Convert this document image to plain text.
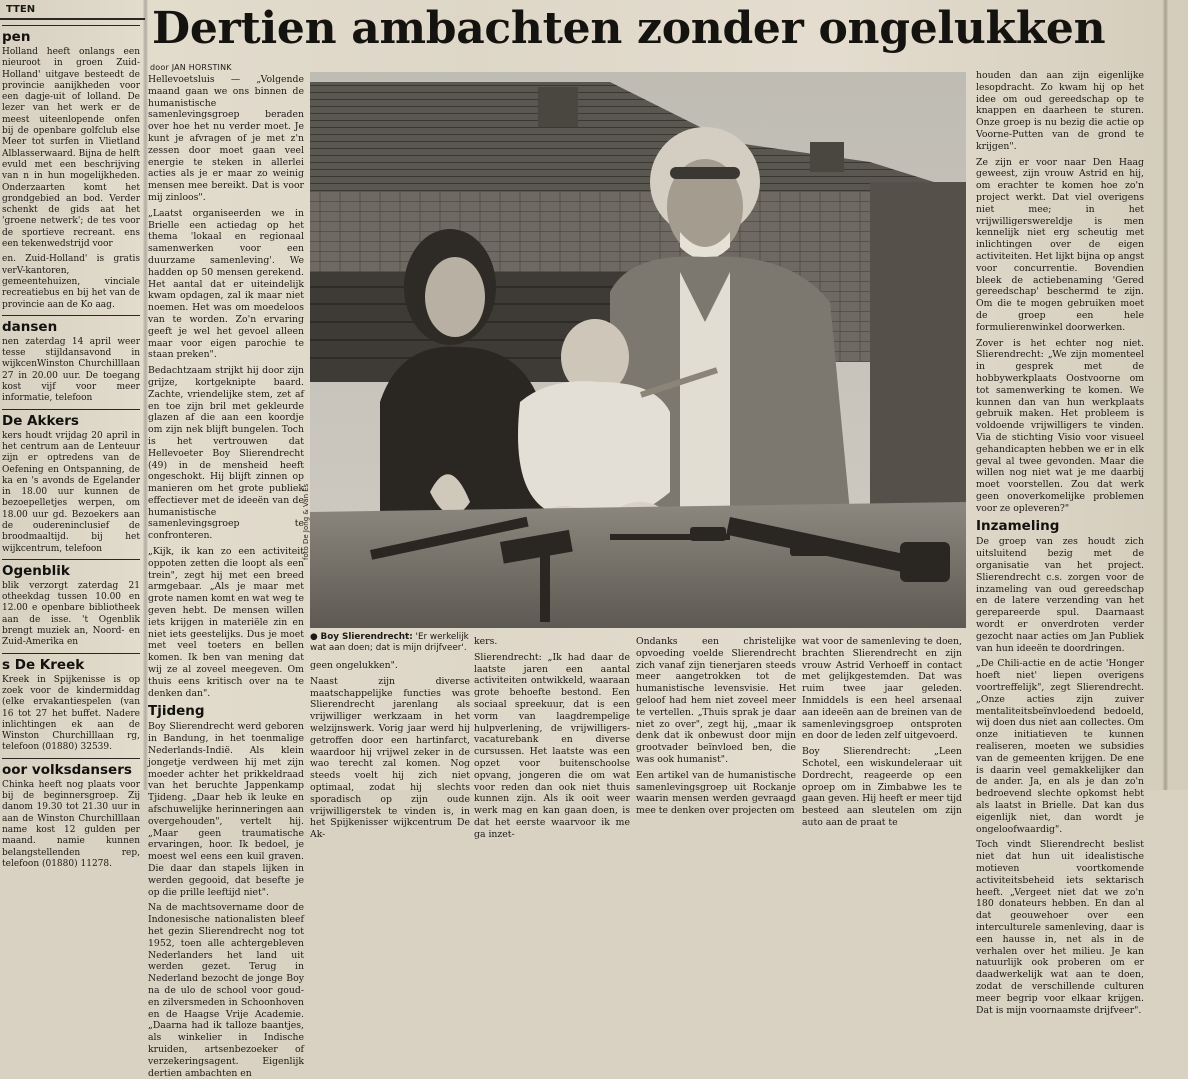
TTEN
pen

Holland heeft onlangs een nieuroot in groen Zuid-Holland' uitgave besteedt de provincie aanijkheden voor een dagje-uit of lolland. De lezer van het werk er de meest uiteenlopende onfen bij de openbare golfclub else Meer tot surfen in Vlietland Alblasserwaard. Bijna de helft evuld met een beschrijving van n in hun mogelijkheden. Onderzaarten komt het grondgebied an bod. Verder schenkt de gids aat het 'groene netwerk'; de tes voor de sportieve recreant. ens een tekenwedstrijd voor

en. Zuid-Holland' is gratis verV-kantoren, gemeentehuizen, vinciale recreatiebus en bij het van de provincie aan de Ko aag.

dansen

nen zaterdag 14 april weer tesse stijldansavond in wijkcenWinston Churchilllaan 27 in 20.00 uur. De toegang kost vijf voor meer informatie, telefoon

De Akkers

kers houdt vrijdag 20 april in het centrum aan de Lenteuur zijn er optredens van de Oefening en Ontspanning, de ka en 's avonds de Egelander in 18.00 uur kunnen de bezoepelletjes werpen, om 18.00 uur gd. Bezoekers aan de oudereninclusief de broodmaaltijd. bij het wijkcentrum, telefoon

Ogenblik

blik verzorgt zaterdag 21 otheekdag tussen 10.00 en 12.00 e openbare bibliotheek aan de isse. 't Ogenblik brengt muziek an, Noord- en Zuid-Amerika en

s De Kreek

Kreek in Spijkenisse is op zoek voor de kindermiddag (elke ervakantiespelen (van 16 tot 27 het buffet. Nadere inlichtingen ek aan de Winston Churchilllaan rg, telefoon (01880) 32539.

oor volksdansers

Chinka heeft nog plaats voor bij de beginnersgroep. Zij danom 19.30 tot 21.30 uur in aan de Winston Churchilllaan name kost 12 gulden per maand. namie kunnen belangstellenden rep, telefoon (01880) 11278.

Dertien ambachten zonder ongelukken
door JAN HORSTINK
foto De Jong & Van Es
● Boy Slierendrecht: 'Er werkelijk wat aan doen; dat is mijn drijfveer'.

Hellevoetsluis — „Volgende maand gaan we ons binnen de humanistische samenlevingsgroep beraden over hoe het nu verder moet. Je kunt je afvragen of je met z'n zessen door moet gaan veel energie te steken in allerlei acties als je er maar zo weinig mensen mee bereikt. Dat is voor mij zinloos".

„Laatst organiseerden we in Brielle een actiedag op het thema 'lokaal en regionaal samenwerken voor een duurzame samenleving'. We hadden op 50 mensen gerekend. Het aantal dat er uiteindelijk kwam opdagen, zal ik maar niet noemen. Het was om moedeloos van te worden. Zo'n ervaring geeft je wel het gevoel alleen maar voor eigen parochie te staan preken".

Bedachtzaam strijkt hij door zijn grijze, kortgeknipte baard. Zachte, vriendelijke stem, zet af en toe zijn bril met gekleurde glazen af die aan een koordje om zijn nek blijft bungelen. Toch is het vertrouwen dat Hellevoeter Boy Slierendrecht (49) in de mensheid heeft ongeschokt. Hij blijft zinnen op manieren om het grote publiek effectiever met de ideeën van de humanistische samenlevingsgroep te confronteren.

„Kijk, ik kan zo een activiteit oppoten zetten die loopt als een trein", zegt hij met een breed armgebaar. „Als je maar met grote namen komt en wat weg te geven hebt. De mensen willen iets krijgen in materiële zin en niet iets geestelijks. Dus je moet met veel toeters en bellen komen. Ik ben van mening dat wij ze al zoveel meegeven. Om thuis eens kritisch over na te denken dan".

Tjideng

Boy Slierendrecht werd geboren in Bandung, in het toenmalige Nederlands-Indië. Als klein jongetje verdween hij met zijn moeder achter het prikkeldraad van het beruchte Jappenkamp Tjideng. „Daar heb ik leuke en afschuwelijke herinneringen aan overgehouden", vertelt hij. „Maar geen traumatische ervaringen, hoor. Ik bedoel, je moest wel eens een kuil graven. Die daar dan stapels lijken in werden gegooid, dat besefte je op die prille leeftijd niet".

Na de machtsovername door de Indonesische nationalisten bleef het gezin Slierendrecht nog tot 1952, toen alle achtergebleven Nederlanders het land uit werden gezet. Terug in Nederland bezocht de jonge Boy na de ulo de school voor goud- en zilversmeden in Schoonhoven en de Haagse Vrije Academie. „Daarna had ik talloze baantjes, als winkelier in Indische kruiden, artsenbezoeker of verzekeringsagent. Eigenlijk dertien ambachten en

geen ongelukken".

Naast zijn diverse maatschappelijke functies was Slierendrecht jarenlang als vrijwilliger werkzaam in het welzijnswerk. Vorig jaar werd hij getroffen door een hartinfarct, waardoor hij vrijwel zeker in de wao terecht zal komen. Nog steeds voelt hij zich niet optimaal, zodat hij slechts sporadisch op zijn oude vrijwilligerstek te vinden is, in het Spijkenisser wijkcentrum De Ak-

kers.

Slierendrecht: „Ik had daar de laatste jaren een aantal activiteiten ontwikkeld, waaraan grote behoefte bestond. Een sociaal spreekuur, dat is een vorm van laagdrempelige hulpverlening, de vrijwilligers-vacaturebank en diverse cursussen. Het laatste was een opzet voor buitenschoolse opvang, jongeren die om wat voor reden dan ook niet thuis kunnen zijn. Als ik ooit weer werk mag en kan gaan doen, is dat het eerste waarvoor ik me ga inzet-

Ondanks een christelijke opvoeding voelde Slierendrecht zich vanaf zijn tienerjaren steeds meer aangetrokken tot de humanistische levensvisie. Het geloof had hem niet zoveel meer te vertellen. „Thuis sprak je daar niet zo over", zegt hij, „maar ik denk dat ik onbewust door mijn grootvader beïnvloed ben, die was ook humanist".

Een artikel van de humanistische samenlevingsgroep uit Rockanje waarin mensen werden gevraagd mee te denken over projecten om

wat voor de samenleving te doen, brachten Slierendrecht en zijn vrouw Astrid Verhoeff in contact met gelijkgestemden. Dat was ruim twee jaar geleden. Inmiddels is een heel arsenaal aan ideeën aan de breinen van de samenlevingsgroep ontsproten en door de leden zelf uitgevoerd.

Boy Slierendrecht: „Leen Schotel, een wiskundeleraar uit Dordrecht, reageerde op een oproep om in Zimbabwe les te gaan geven. Hij heeft er meer tijd besteed aan sleutelen om zijn auto aan de praat te

houden dan aan zijn eigenlijke lesopdracht. Zo kwam hij op het idee om oud gereedschap op te knappen en daarheen te sturen. Onze groep is nu bezig die actie op Voorne-Putten van de grond te krijgen".

Ze zijn er voor naar Den Haag geweest, zijn vrouw Astrid en hij, om erachter te komen hoe zo'n project werkt. Dat viel overigens niet mee; in het vrijwilligerswereldje is men kennelijk niet erg scheutig met inlichtingen over de eigen activiteiten. Het lijkt bijna op angst voor concurrentie. Bovendien bleek de actiebenaming 'Gered gereedschap' beschermd te zijn. Om die te mogen gebruiken moet de groep een hele formulierenwinkel doorwerken.

Zover is het echter nog niet. Slierendrecht: „We zijn momenteel in gesprek met de hobbywerkplaats Oostvoorne om tot samenwerking te komen. We kunnen dan van hun werkplaats gebruik maken. Het probleem is voldoende vrijwilligers te vinden. Via de stichting Visio voor visueel gehandicapten hebben we er in elk geval al twee gevonden. Maar die willen nog niet wat je me daarbij moet voorstellen. Zou dat werk geen onoverkomelijke problemen voor ze opleveren?"

Inzameling

De groep van zes houdt zich uitsluitend bezig met de organisatie van het project. Slierendrecht c.s. zorgen voor de inzameling van oud gereedschap en de latere verzending van het gerepareerde spul. Daarnaast wordt er onverdroten verder gezocht naar acties om Jan Publiek van hun ideeën te doordringen.

„De Chili-actie en de actie 'Honger hoeft niet' liepen overigens voortreffelijk", zegt Slierendrecht. „Onze acties zijn zuiver mentaliteitsbeïnvloedend bedoeld, wij doen dus niet aan collectes. Om onze initiatieven te kunnen realiseren, moeten we subsidies van de gemeenten krijgen. De ene is daarin veel gemakkelijker dan de ander. Ja, en als je dan zo'n bedroevend slechte opkomst hebt als laatst in Brielle. Dat kan dus eigenlijk niet, dan wordt je ongeloofwaardig".

Toch vindt Slierendrecht beslist niet dat hun uit idealistische motieven voortkomende activiteitsbeheid iets sektarisch heeft. „Vergeet niet dat we zo'n 180 donateurs hebben. En dan al dat geouwehoer over een interculturele samenleving, daar is een hausse in, net als in de verhalen over het milieu. Je kan natuurlijk ook proberen om er daadwerkelijk wat aan te doen, zodat de verschillende culturen meer begrip voor elkaar krijgen. Dat is mijn voornaamste drijfveer".
